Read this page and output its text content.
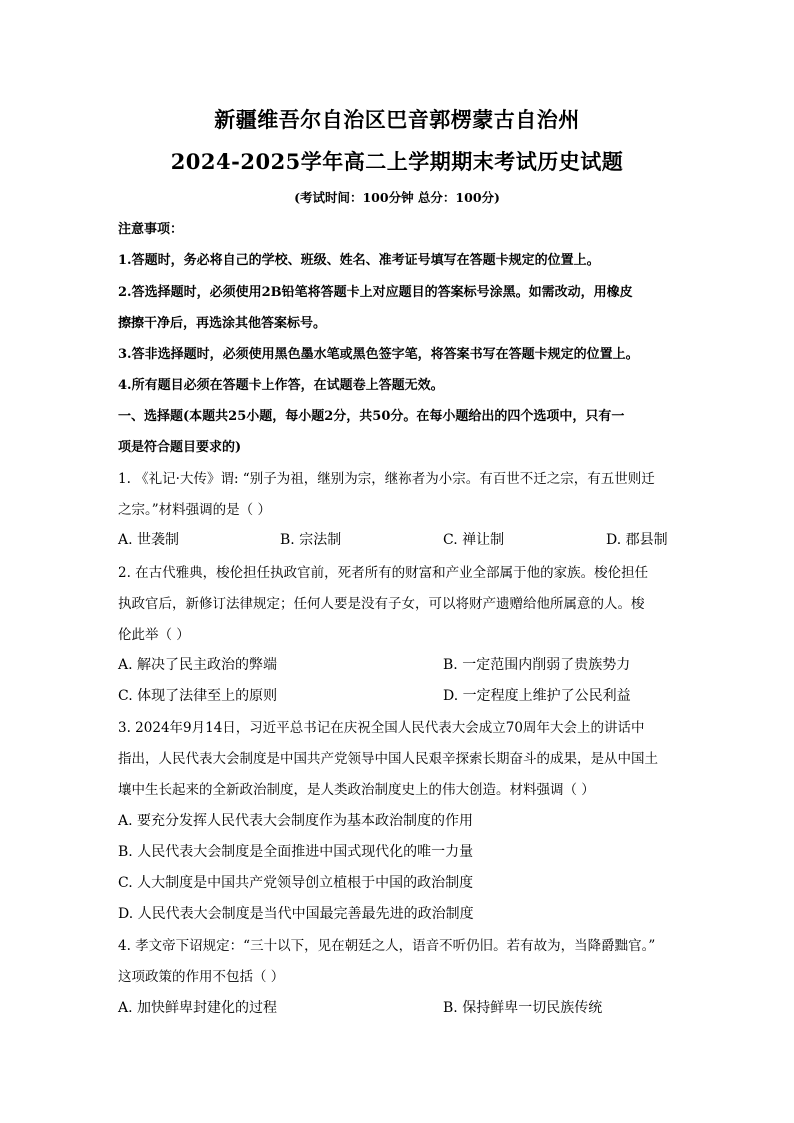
新疆维吾尔自治区巴音郭楞蒙古自治州
2024-2025学年高二上学期期末考试历史试题
(考试时间：100分钟 总分：100分)
注意事项：
1.答题时，务必将自己的学校、班级、姓名、准考证号填写在答题卡规定的位置上。
2.答选择题时，必须使用2B铅笔将答题卡上对应题目的答案标号涂黑。如需改动，用橡皮
擦擦干净后，再选涂其他答案标号。
3.答非选择题时，必须使用黑色墨水笔或黑色签字笔，将答案书写在答题卡规定的位置上。
4.所有题目必须在答题卡上作答，在试题卷上答题无效。
一、选择题(本题共25小题，每小题2分，共50分。在每小题给出的四个选项中，只有一
项是符合题目要求的)
1. 《礼记·大传》谓: “别子为祖，继别为宗，继祢者为小宗。有百世不迁之宗，有五世则迁
之宗。”材料强调的是（ ）
A. 世袭制	B. 宗法制	C. 禅让制	D. 郡县制
2. 在古代雅典，梭伦担任执政官前，死者所有的财富和产业全部属于他的家族。梭伦担任
执政官后，新修订法律规定；任何人要是没有子女，可以将财产遗赠给他所属意的人。梭
伦此举（ ）
A. 解决了民主政治的弊端	B. 一定范围内削弱了贵族势力
C. 体现了法律至上的原则	D. 一定程度上维护了公民利益
3. 2024年9月14日，习近平总书记在庆祝全国人民代表大会成立70周年大会上的讲话中
指出，人民代表大会制度是中国共产党领导中国人民艰辛探索长期奋斗的成果，是从中国土
壤中生长起来的全新政治制度，是人类政治制度史上的伟大创造。材料强调（ ）
A. 要充分发挥人民代表大会制度作为基本政治制度的作用
B. 人民代表大会制度是全面推进中国式现代化的唯一力量
C. 人大制度是中国共产党领导创立植根于中国的政治制度
D. 人民代表大会制度是当代中国最完善最先进的政治制度
4. 孝文帝下诏规定：“三十以下，见在朝廷之人，语音不听仍旧。若有故为，当降爵黜官。”
这项政策的作用不包括（ ）
A. 加快鲜卑封建化的过程	B. 保持鲜卑一切民族传统
